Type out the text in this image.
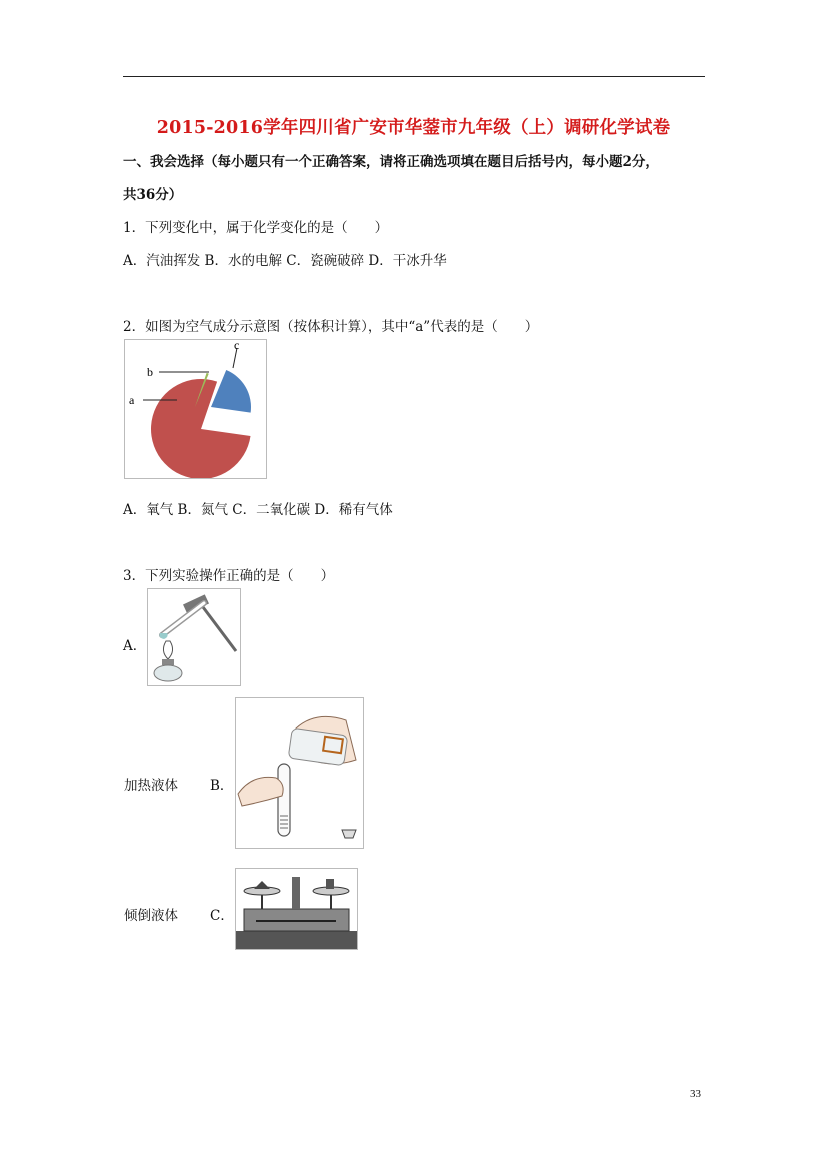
2015-2016学年四川省广安市华蓥市九年级（上）调研化学试卷
一、我会选择（每小题只有一个正确答案，请将正确选项填在题目后括号内，每小题2分，
共36分）
1．下列变化中，属于化学变化的是（　　）
A．汽油挥发 B．水的电解 C．瓷碗破碎 D．干冰升华
2．如图为空气成分示意图（按体积计算），其中“a”代表的是（　　）
a
b
c
A．氧气 B．氮气 C．二氧化碳 D．稀有气体
3．下列实验操作正确的是（　　）
A．
加热液体 B．
倾倒液体 C．
33
